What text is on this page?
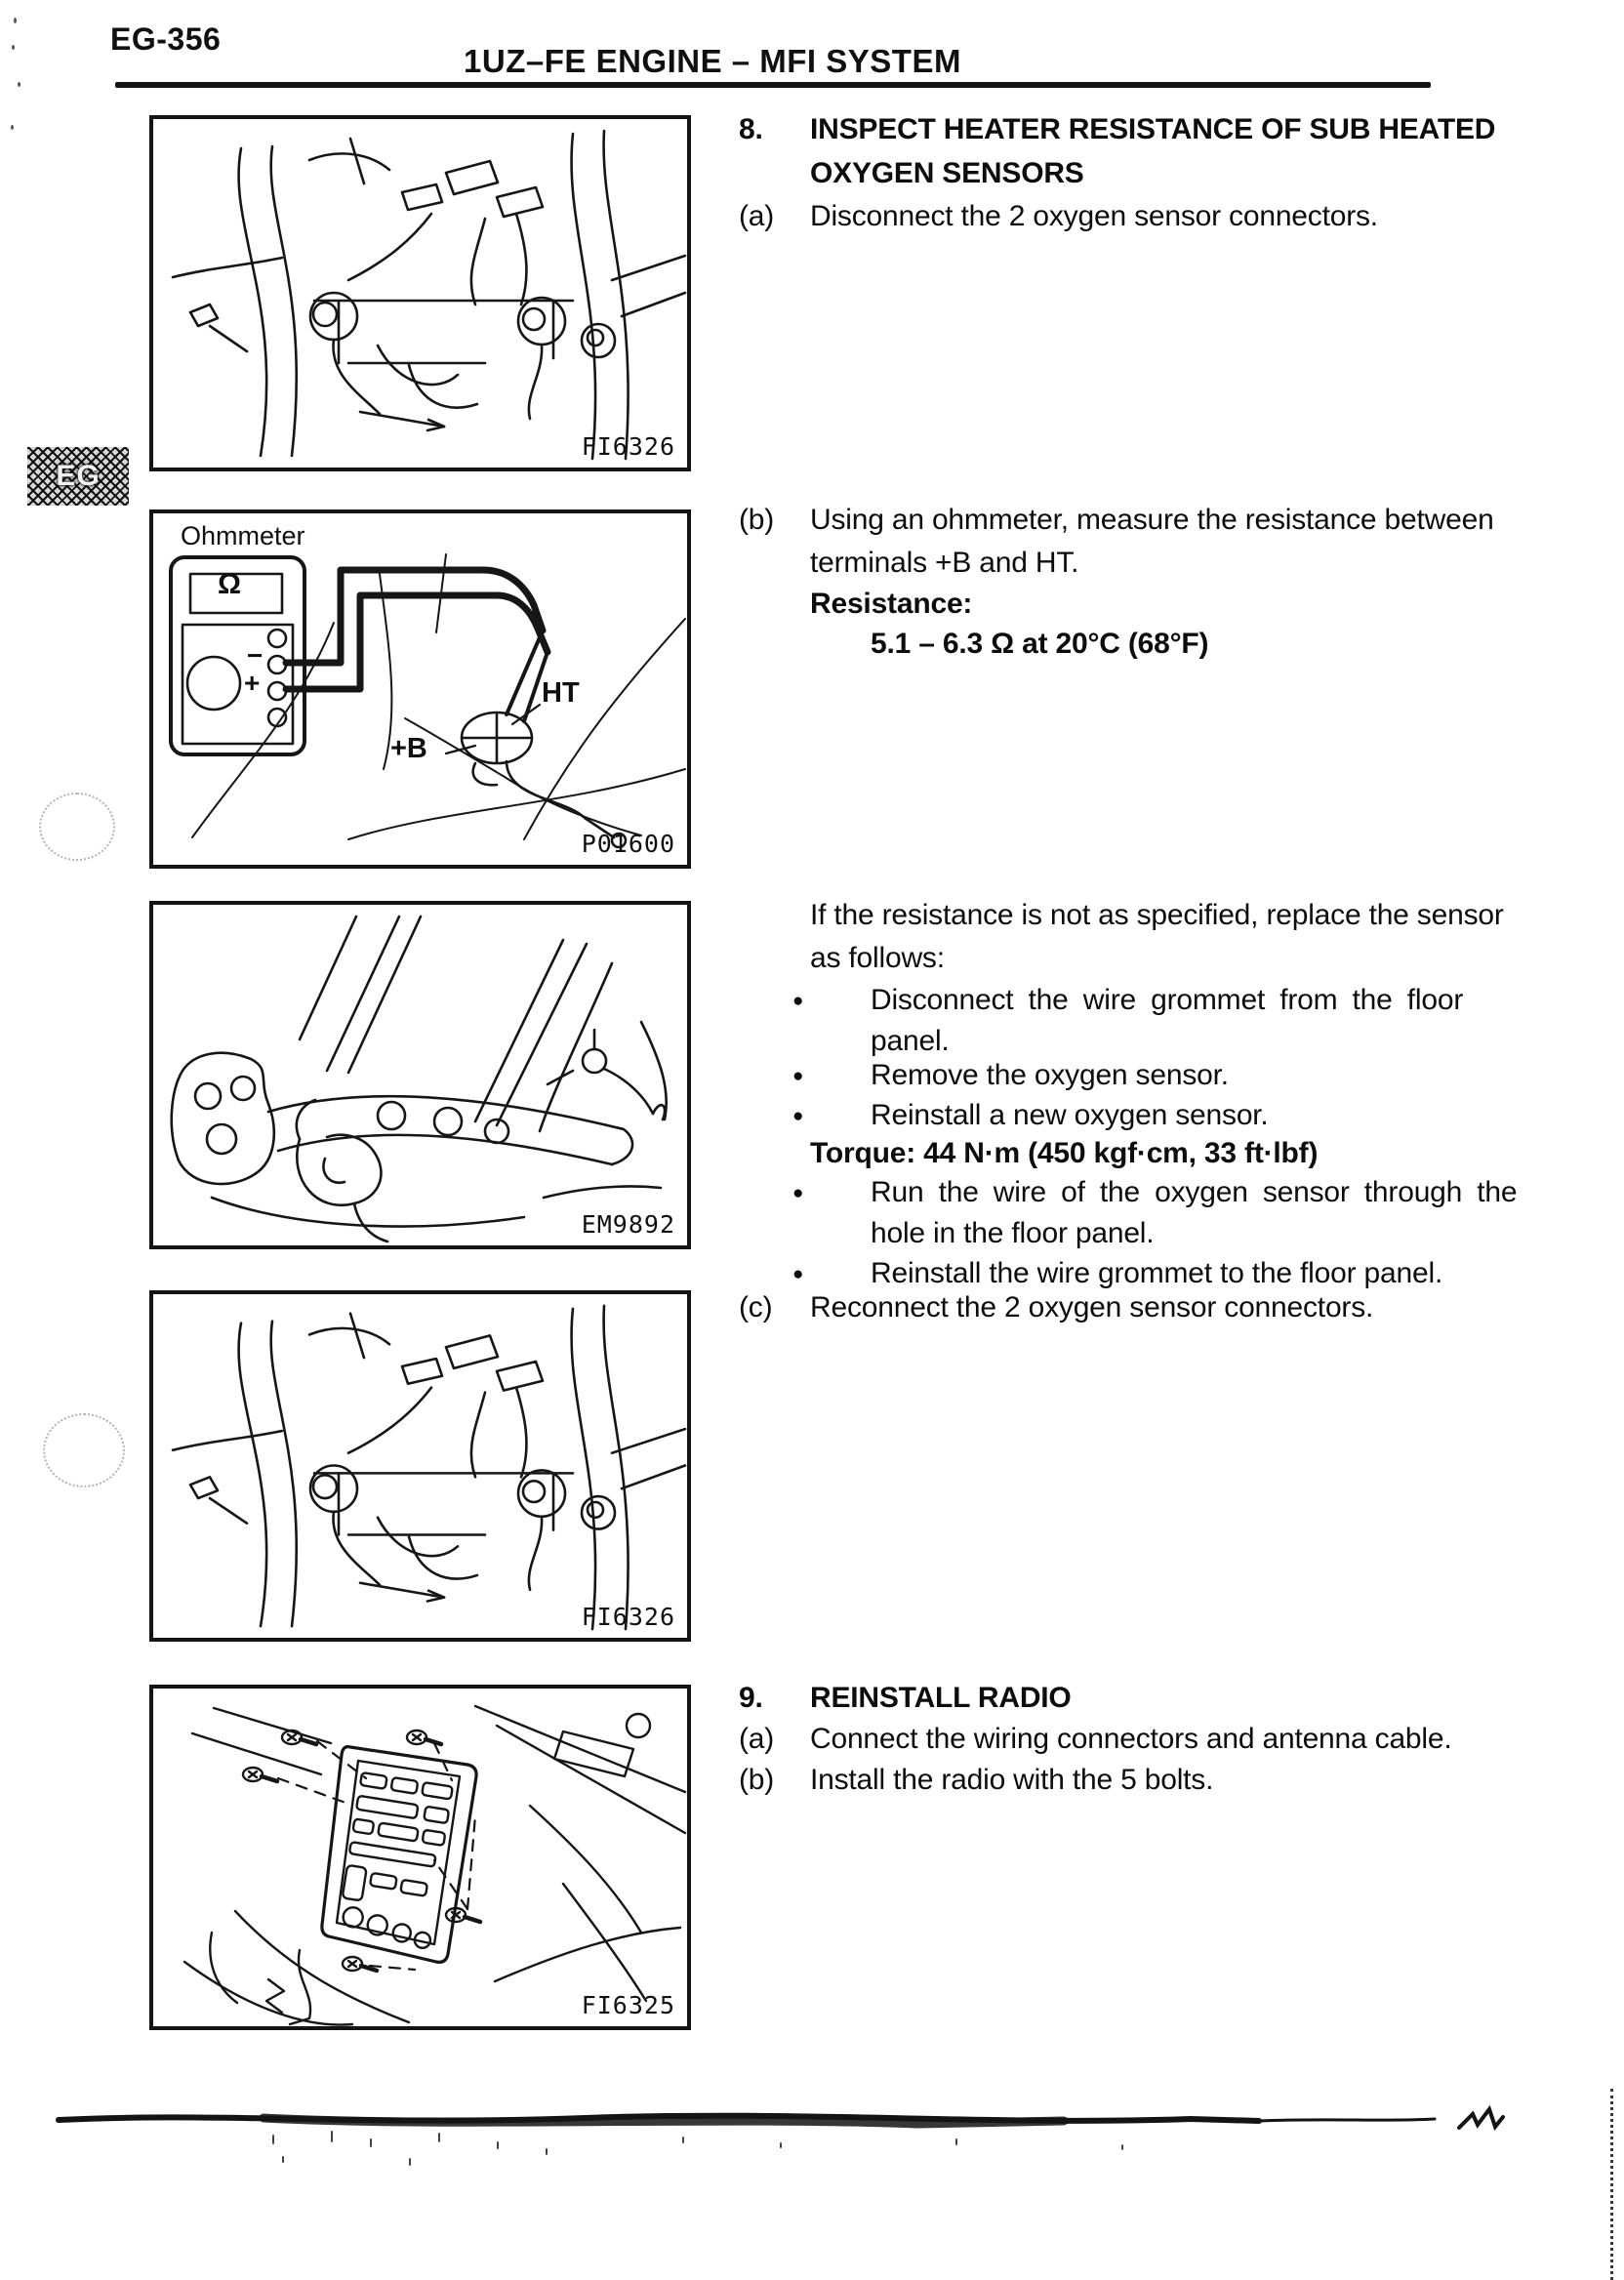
EG-356
1UZ–FE ENGINE – MFI SYSTEM
EG
FI6326
Ohmmeter
Ω
−
+	HT
+B
P01600
EM9892
FI6326
FI6325
8. INSPECT HEATER RESISTANCE OF SUB HEATED
OXYGEN SENSORS
(a) Disconnect the 2 oxygen sensor connectors.
(b) Using an ohmmeter, measure the resistance between
terminals +B and HT.
Resistance:
5.1 – 6.3 Ω at 20°C (68°F)
If the resistance is not as specified, replace the sensor
as follows:
● Disconnect the wire grommet from the floor
panel.
● Remove the oxygen sensor.
● Reinstall a new oxygen sensor.
Torque: 44 N·m (450 kgf·cm, 33 ft·lbf)
● Run the wire of the oxygen sensor through the
hole in the floor panel.
● Reinstall the wire grommet to the floor panel.
(c) Reconnect the 2 oxygen sensor connectors.
9. REINSTALL RADIO
(a) Connect the wiring connectors and antenna cable.
(b) Install the radio with the 5 bolts.
